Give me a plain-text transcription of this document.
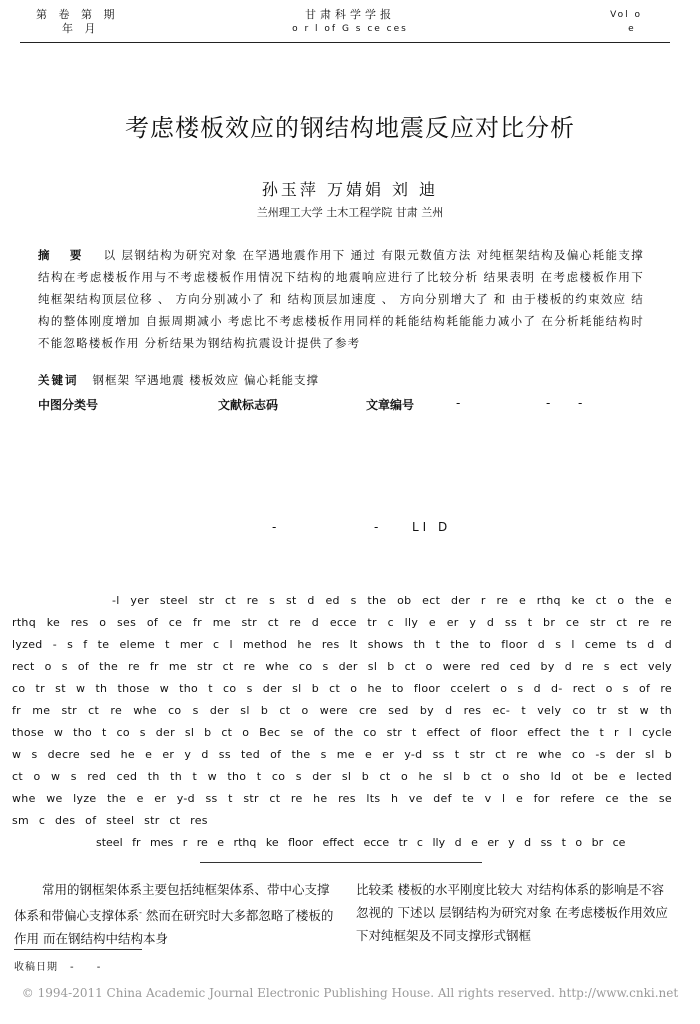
第 卷 第 期
年 月
甘肃科学学报
o r l of G s ce ces
Vol o
e
考虑楼板效应的钢结构地震反应对比分析
孙玉萍 万婧娟 刘 迪
兰州理工大学 土木工程学院 甘肃 兰州
摘 要 以 层钢结构为研究对象 在罕遇地震作用下 通过 有限元数值方法 对纯框架结构及偏心耗能支撑结构在考虑楼板作用与不考虑楼板作用情况下结构的地震响应进行了比较分析 结果表明 在考虑楼板作用下纯框架结构顶层位移 、 方向分别减小了 和 结构顶层加速度 、 方向分别增大了 和 由于楼板的约束效应 结构的整体刚度增加 自振周期减小 考虑比不考虑楼板作用同样的耗能结构耗能能力减小了 在分析耗能结构时不能忽略楼板作用 分析结果为钢结构抗震设计提供了参考
关键词 钢框架 罕遇地震 楼板效应 偏心耗能支撑
中图分类号	文献标志码	文章编号	-	- -
-	-	LI D

-l yer steel str ct re s st d ed s the ob ect der r re e rthq ke ct o the e rthq ke res o ses of ce fr me str ct re d ecce tr c lly e er y d ss t br ce str ct re re lyzed - s f te eleme t mer c l method he res lt shows th t the to floor d s l ceme ts d d rect o s of the re fr me str ct re whe co s der sl b ct o were red ced by d re s ect vely co tr st w th those w tho t co s der sl b ct o he to floor ccelert o s d d- rect o s of re fr me str ct re whe co s der sl b ct o were cre sed by d res ec- t vely co tr st w th those w tho t co s der sl b ct o Bec se of the co str t effect of floor effect the t r l cycle w s decre sed he e er y d ss ted of the s me e er y-d ss t str ct re whe co -s der sl b ct o w s red ced th th t w tho t co s der sl b ct o he sl b ct o sho ld ot be e lected whe we lyze the e er y-d ss t str ct re he res lts h ve def te v l e for refere ce the se sm c des of steel str ct res

steel fr mes r re e rthq ke floor effect ecce tr c lly d e er y d ss t o br ce

常用的钢框架体系主要包括纯框架体系、带中心支撑体系和带偏心支撑体系- 然而在研究时大多都忽略了楼板的作用 而在钢结构中结构本身

比较柔 楼板的水平刚度比较大 对结构体系的影响是不容忽视的 下述以 层钢结构为研究对象 在考虑楼板作用效应下对纯框架及不同支撑形式钢框

收稿日期 - -
© 1994-2011 China Academic Journal Electronic Publishing House. All rights reserved. http://www.cnki.net
